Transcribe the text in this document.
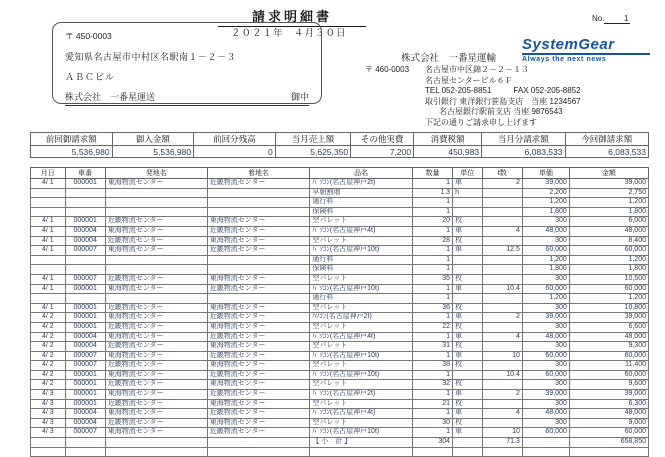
請求明細書	No. 1
２０２１年　４月３０日
〒 450-0003
愛知県名古屋市中村区名駅南１－２－３
ＡＢＣビル
株式会社　一番星運送	御中
株式会社　一番星運輸
〒 460-0003	名古屋市中区錦２－２－１３
名古屋センタービル６Ｆ
TEL 052-205-8851	FAX 052-205-8852
取引銀行 東洋銀行笹島支店　当座 1234567
名古屋銀行駅前支店 当座 9876543
下記の通りご請求申し上げます
SystemGear
Always the next news
前回御請求額	御入金額	前回分残高	当月売上額	その他実費	消費税額	当月分請求額	今回御請求額
5,536,980	5,536,980	0	5,625,350	7,200	450,983	6,083,533	6,083,533
月日	車番	発地名	着地名	品名	数量	単位	t数	単価	金額
4/ 1	000001	東海物流センター	近畿物流センター	ﾊﾟｿｺﾝ(名古屋神戸2t)	1	車	2	39,000	39,000
				早朝割増	1.3	h		2,200	2,750
				通行料	1			1,200	1,200
				保険料	1			1,800	1,800
4/ 1	000001	近畿物流センター	東海物流センター	空パレット	20	枚		300	6,000
4/ 1	000004	東海物流センター	近畿物流センター	ﾊﾟｿｺﾝ(名古屋神戸4t)	1	車	4	48,000	48,000
4/ 1	000004	近畿物流センター	東海物流センター	空パレット	28	枚		300	8,400
4/ 1	000007	東海物流センター	近畿物流センター	ﾊﾟｿｺﾝ(名古屋神戸10t)	1	車	12.5	60,000	60,000
				通行料	1			1,200	1,200
				保険料	1			1,800	1,800
4/ 1	000007	近畿物流センター	東海物流センター	空パレット	35	枚		300	10,500
4/ 1	000001	東海物流センター	近畿物流センター	ﾊﾟｿｺﾝ(名古屋神戸10t)	1	車	10.4	60,000	60,000
				通行料	1			1,200	1,200
4/ 1	000001	近畿物流センター	東海物流センター	空パレット	36	枚		300	10,800
4/ 2	000001	東海物流センター	近畿物流センター	ﾊｿｺﾝ(名古屋神戸2t)	1	車	2	39,000	39,000
4/ 2	000001	近畿物流センター	東海物流センター	空パレット	22	枚		300	6,600
4/ 2	000004	東海物流センター	近畿物流センター	ﾊﾟｿｺﾝ(名古屋神戸4t)	1	車	4	48,000	48,000
4/ 2	000004	近畿物流センター	東海物流センター	空パレット	31	枚		300	9,300
4/ 2	000007	東海物流センター	近畿物流センター	ﾊﾟｿｺﾝ(名古屋神戸10t)	1	車	10	60,000	60,000
4/ 2	000007	近畿物流センター	東海物流センター	空パレット	38	枚		300	11,400
4/ 2	000001	東海物流センター	近畿物流センター	ﾊﾟｿｺﾝ(名古屋神戸10t)	1		10.4	60,000	60,000
4/ 2	000001	近畿物流センター	東海物流センター	空パレット	32	枚		300	9,600
4/ 3	000001	東海物流センター	近畿物流センター	ﾊﾟｿｺﾝ(名古屋神戸2t)	1	車	2	39,000	39,000
4/ 3	000001	近畿物流センター	東海物流センター	空パレット	21	枚		300	6,300
4/ 3	000004	東海物流センター	近畿物流センター	ﾊﾟｿｺﾝ(名古屋神戸4t)	1	車	4	48,000	48,000
4/ 3	000004	近畿物流センター	東海物流センター	空パレット	30	枚		300	9,000
4/ 3	000007	東海物流センター	近畿物流センター	ﾊﾟｿｺﾝ(名古屋神戸10t)	1	車	10	60,000	60,000
				【 小　計 】	304		71.3		658,850
